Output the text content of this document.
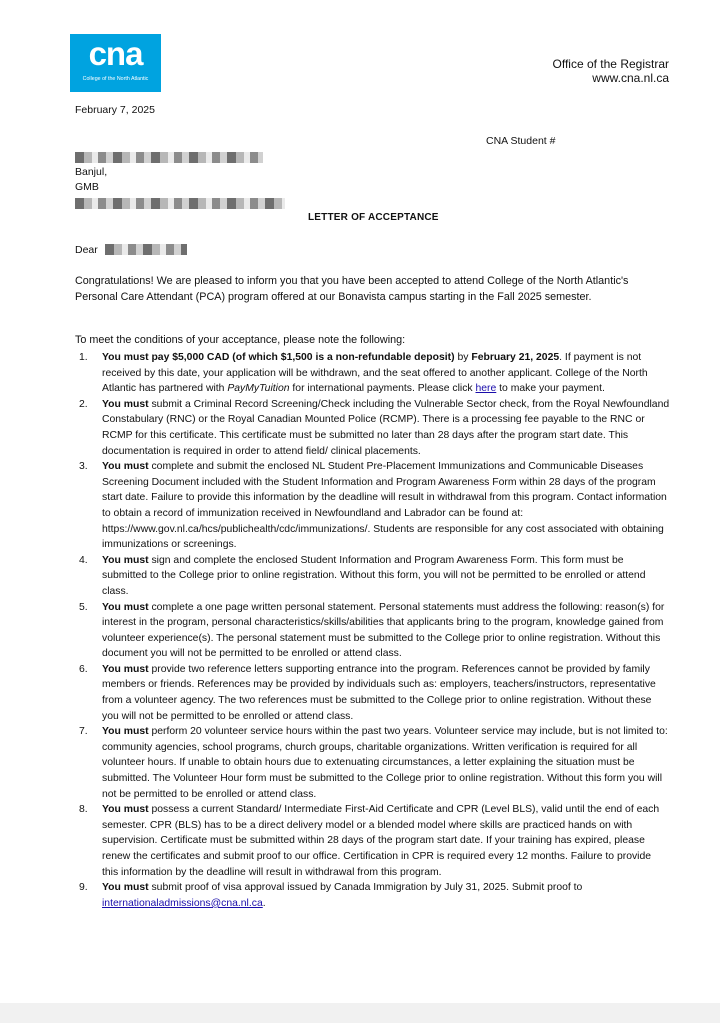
cna
College of the North Atlantic
Office of the Registrar
www.cna.nl.ca
February 7, 2025
CNA Student #
Banjul,
GMB
LETTER OF ACCEPTANCE
Dear
Congratulations! We are pleased to inform you that you have been accepted to attend College of the North Atlantic's Personal Care Attendant (PCA) program offered at our Bonavista campus starting in the Fall 2025 semester.
To meet the conditions of your acceptance, please note the following:
1. You must pay $5,000 CAD (of which $1,500 is a non-refundable deposit) by February 21, 2025. If payment is not received by this date, your application will be withdrawn, and the seat offered to another applicant. College of the North Atlantic has partnered with PayMyTuition for international payments. Please click here to make your payment.
2. You must submit a Criminal Record Screening/Check including the Vulnerable Sector check, from the Royal Newfoundland Constabulary (RNC) or the Royal Canadian Mounted Police (RCMP). There is a processing fee payable to the RNC or RCMP for this certificate. This certificate must be submitted no later than 28 days after the program start date. This documentation is required in order to attend field/ clinical placements.
3. You must complete and submit the enclosed NL Student Pre-Placement Immunizations and Communicable Diseases Screening Document included with the Student Information and Program Awareness Form within 28 days of the program start date. Failure to provide this information by the deadline will result in withdrawal from this program. Contact information to obtain a record of immunization received in Newfoundland and Labrador can be found at: https://www.gov.nl.ca/hcs/publichealth/cdc/immunizations/. Students are responsible for any cost associated with obtaining immunizations or screenings.
4. You must sign and complete the enclosed Student Information and Program Awareness Form. This form must be submitted to the College prior to online registration. Without this form, you will not be permitted to be enrolled or attend class.
5. You must complete a one page written personal statement. Personal statements must address the following: reason(s) for interest in the program, personal characteristics/skills/abilities that applicants bring to the program, knowledge gained from volunteer experience(s). The personal statement must be submitted to the College prior to online registration. Without this document you will not be permitted to be enrolled or attend class.
6. You must provide two reference letters supporting entrance into the program. References cannot be provided by family members or friends. References may be provided by individuals such as: employers, teachers/instructors, representative from a volunteer agency. The two references must be submitted to the College prior to online registration. Without these you will not be permitted to be enrolled or attend class.
7. You must perform 20 volunteer service hours within the past two years. Volunteer service may include, but is not limited to: community agencies, school programs, church groups, charitable organizations. Written verification is required for all volunteer hours. If unable to obtain hours due to extenuating circumstances, a letter explaining the situation must be submitted. The Volunteer Hour form must be submitted to the College prior to online registration. Without this form you will not be permitted to be enrolled or attend class.
8. You must possess a current Standard/ Intermediate First-Aid Certificate and CPR (Level BLS), valid until the end of each semester. CPR (BLS) has to be a direct delivery model or a blended model where skills are practiced hands on with supervision. Certificate must be submitted within 28 days of the program start date. If your training has expired, please renew the certificates and submit proof to our office. Certification in CPR is required every 12 months. Failure to provide this information by the deadline will result in withdrawal from this program.
9. You must submit proof of visa approval issued by Canada Immigration by July 31, 2025. Submit proof to internationaladmissions@cna.nl.ca.
